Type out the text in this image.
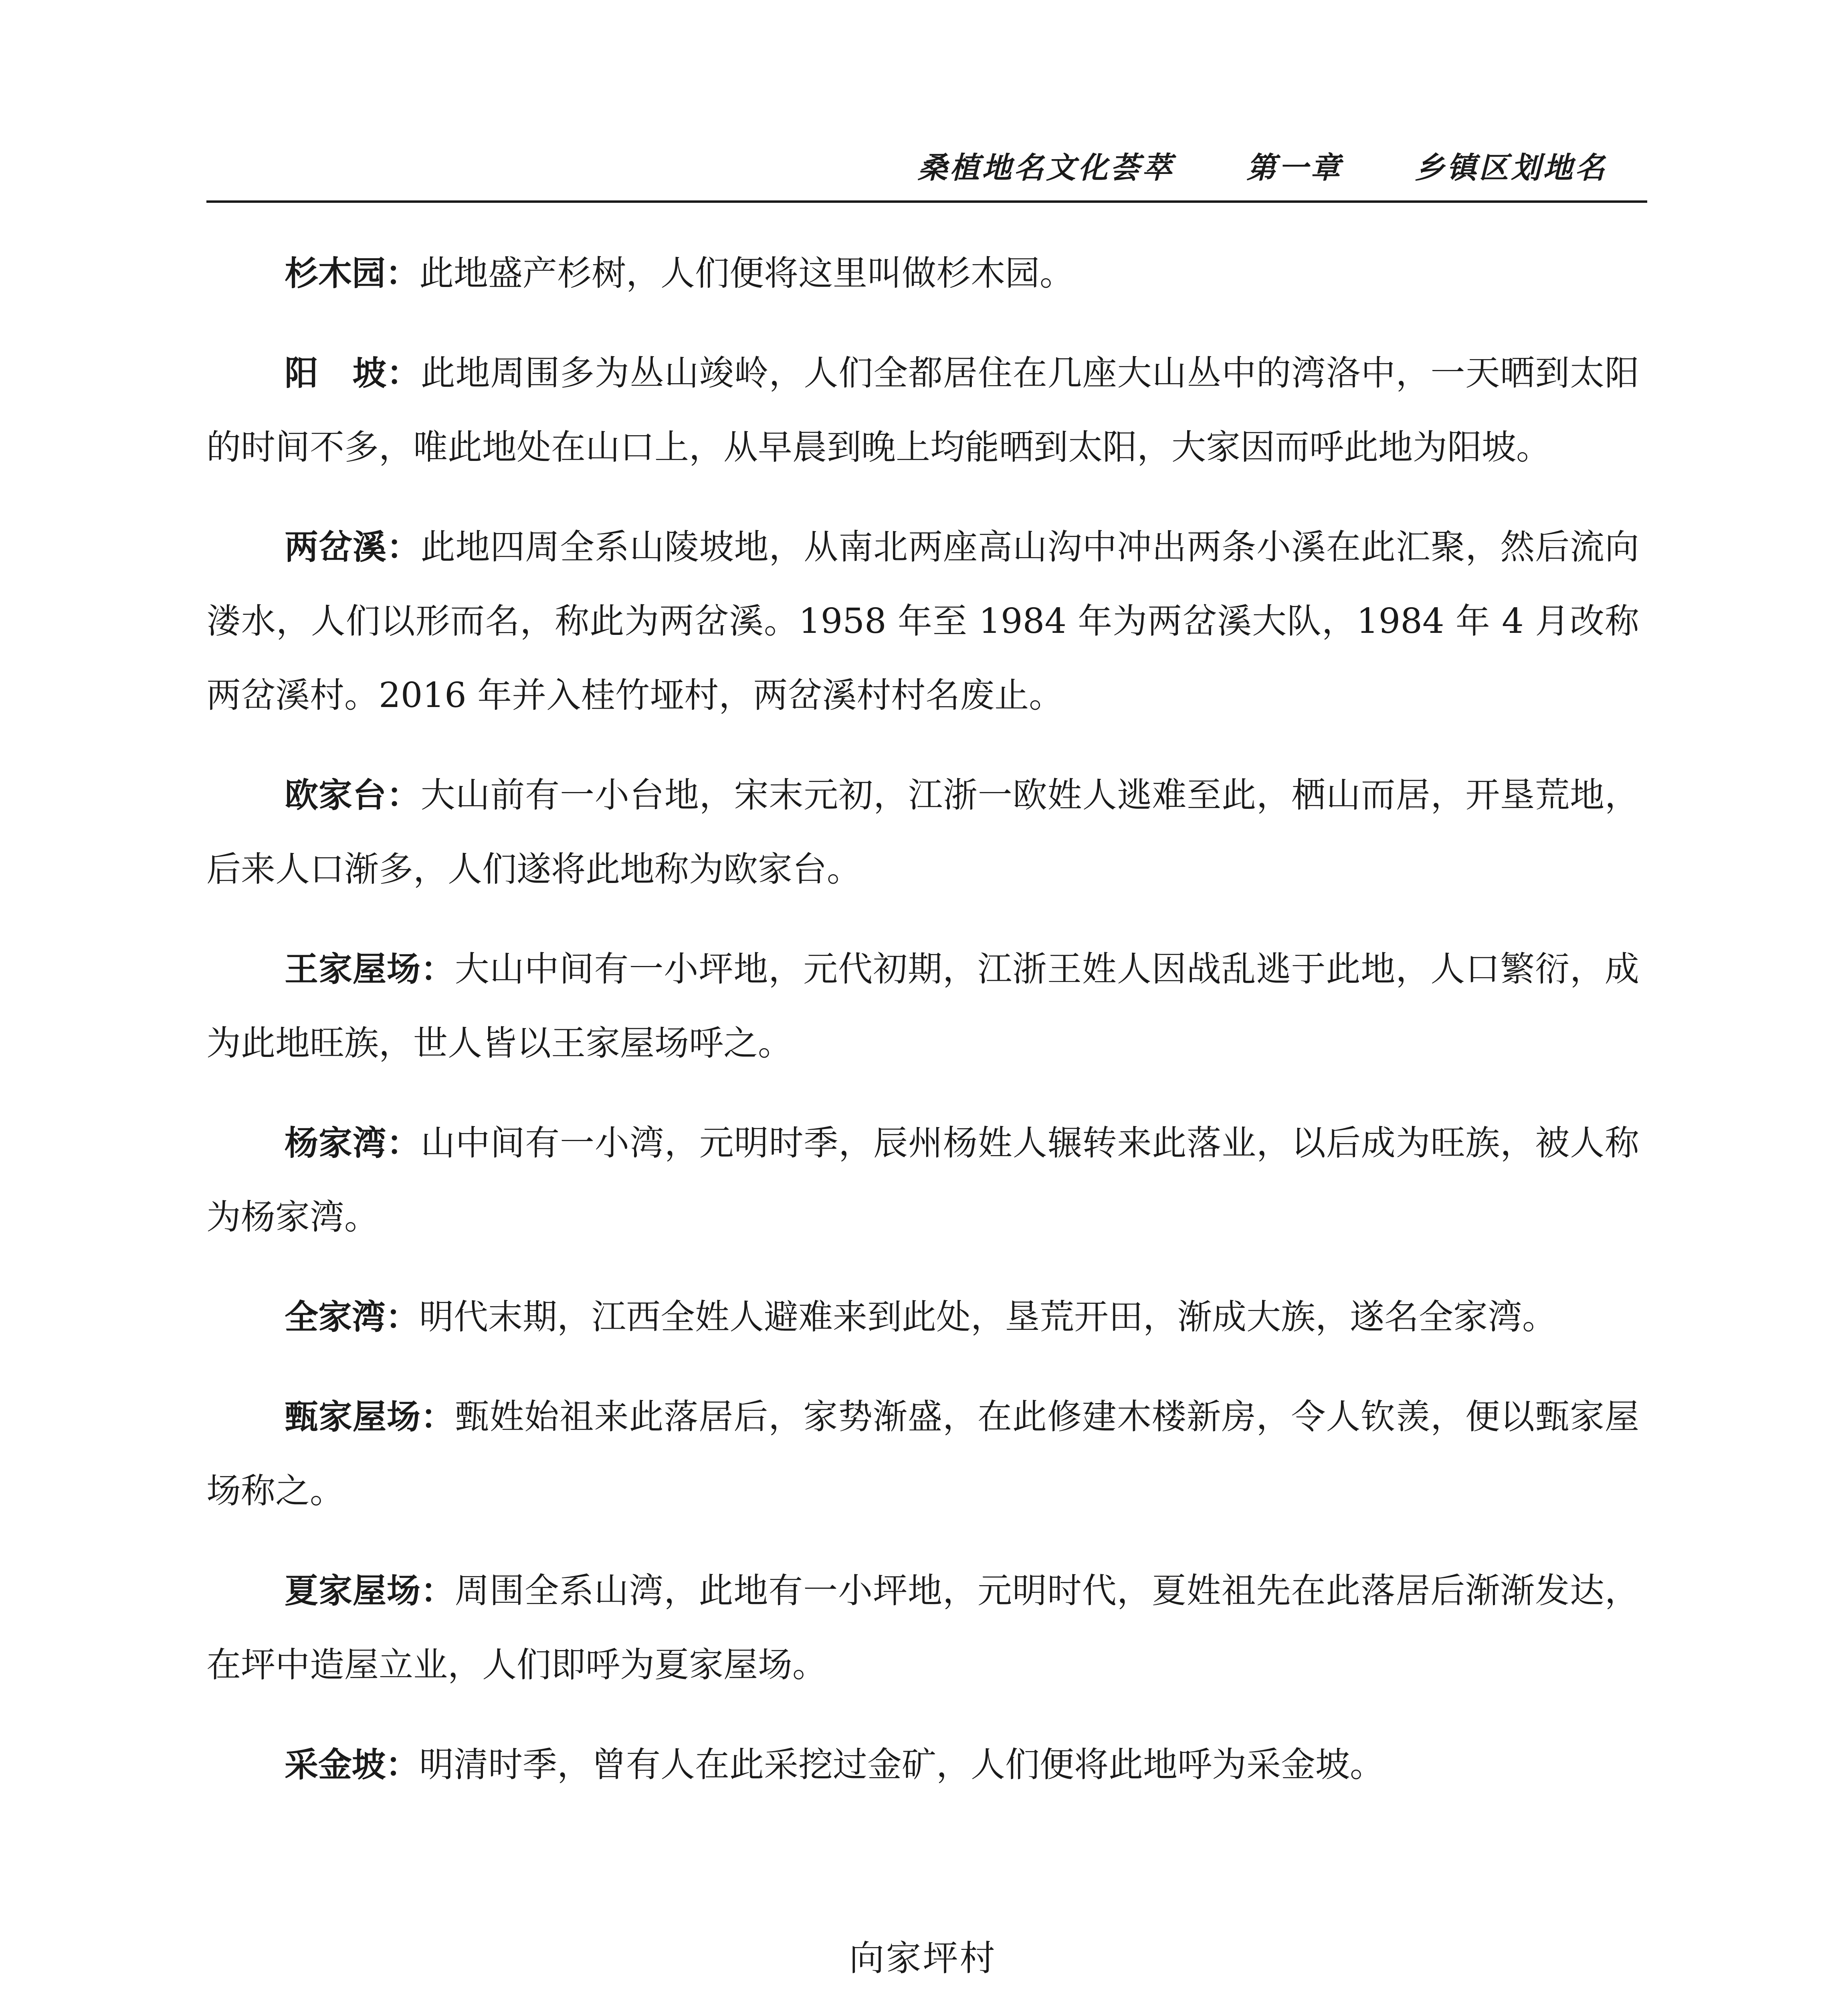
桑植地名文化荟萃 第一章 乡镇区划地名

杉木园：此地盛产杉树，人们便将这里叫做杉木园。

阳　坡：此地周围多为丛山竣岭，人们全都居住在几座大山丛中的湾洛中，一天晒到太阳的时间不多，唯此地处在山口上，从早晨到晚上均能晒到太阳，大家因而呼此地为阳坡。

两岔溪：此地四周全系山陵坡地，从南北两座高山沟中冲出两条小溪在此汇聚，然后流向溇水，人们以形而名，称此为两岔溪。1958 年至 1984 年为两岔溪大队，1984 年 4 月改称两岔溪村。2016 年并入桂竹垭村，两岔溪村村名废止。

欧家台：大山前有一小台地，宋末元初，江浙一欧姓人逃难至此，栖山而居，开垦荒地，后来人口渐多，人们遂将此地称为欧家台。

王家屋场：大山中间有一小坪地，元代初期，江浙王姓人因战乱逃于此地，人口繁衍，成为此地旺族，世人皆以王家屋场呼之。

杨家湾：山中间有一小湾，元明时季，辰州杨姓人辗转来此落业，以后成为旺族，被人称为杨家湾。

全家湾：明代末期，江西全姓人避难来到此处，垦荒开田，渐成大族，遂名全家湾。

甄家屋场：甄姓始祖来此落居后，家势渐盛，在此修建木楼新房，令人钦羡，便以甄家屋场称之。

夏家屋场：周围全系山湾，此地有一小坪地，元明时代，夏姓祖先在此落居后渐渐发达，在坪中造屋立业，人们即呼为夏家屋场。

采金坡：明清时季，曾有人在此采挖过金矿，人们便将此地呼为采金坡。

向家坪村
